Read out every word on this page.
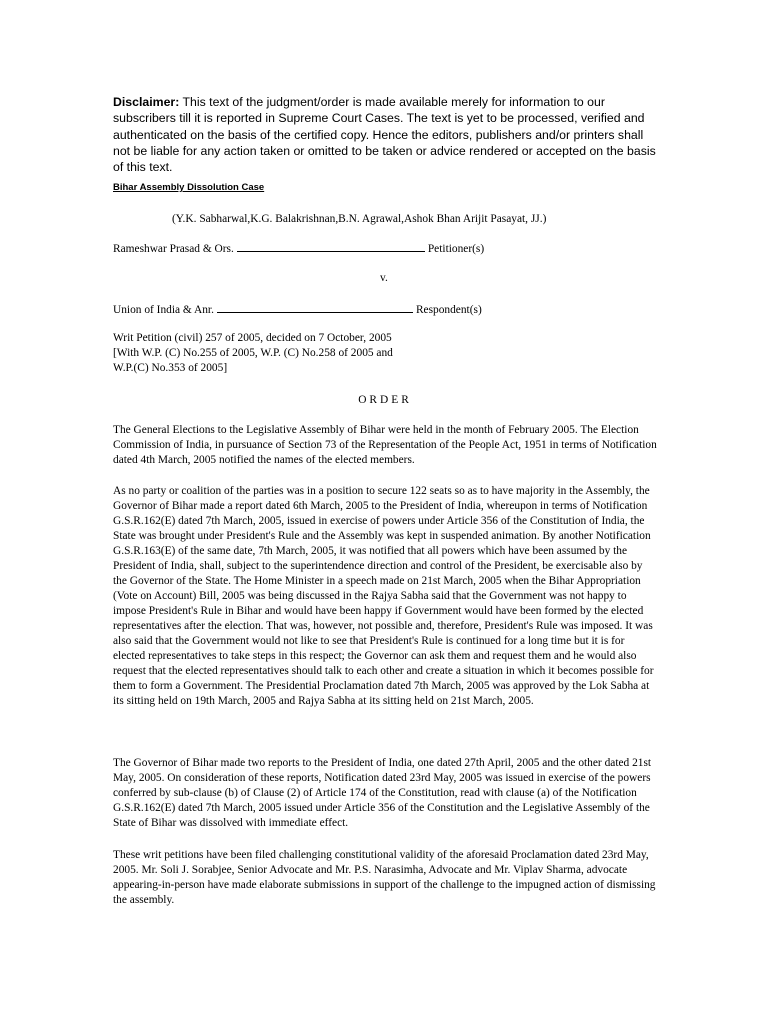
Disclaimer: This text of the judgment/order is made available merely for information to our subscribers till it is reported in Supreme Court Cases. The text is yet to be processed, verified and authenticated on the basis of the certified copy. Hence the editors, publishers and/or printers shall not be liable for any action taken or omitted to be taken or advice rendered or accepted on the basis of this text.

Bihar Assembly Dissolution Case

(Y.K. Sabharwal,K.G. Balakrishnan,B.N. Agrawal,Ashok Bhan Arijit Pasayat, JJ.)

Rameshwar Prasad & Ors.	Petitioner(s)

v.

Union of India & Anr.	Respondent(s)

Writ Petition (civil) 257 of 2005, decided on 7 October, 2005
[With W.P. (C) No.255 of 2005, W.P. (C) No.258 of 2005 and
W.P.(C) No.353 of 2005]

ORDER

The General Elections to the Legislative Assembly of Bihar were held in the month of February 2005. The Election Commission of India, in pursuance of Section 73 of the Representation of the People Act, 1951 in terms of Notification dated 4th March, 2005 notified the names of the elected members.

As no party or coalition of the parties was in a position to secure 122 seats so as to have majority in the Assembly, the Governor of Bihar made a report dated 6th March, 2005 to the President of India, whereupon in terms of Notification G.S.R.162(E) dated 7th March, 2005, issued in exercise of powers under Article 356 of the Constitution of India, the State was brought under President's Rule and the Assembly was kept in suspended animation. By another Notification G.S.R.163(E) of the same date, 7th March, 2005, it was notified that all powers which have been assumed by the President of India, shall, subject to the superintendence direction and control of the President, be exercisable also by the Governor of the State. The Home Minister in a speech made on 21st March, 2005 when the Bihar Appropriation (Vote on Account) Bill, 2005 was being discussed in the Rajya Sabha said that the Government was not happy to impose President's Rule in Bihar and would have been happy if Government would have been formed by the elected representatives after the election. That was, however, not possible and, therefore, President's Rule was imposed. It was also said that the Government would not like to see that President's Rule is continued for a long time but it is for elected representatives to take steps in this respect; the Governor can ask them and request them and he would also request that the elected representatives should talk to each other and create a situation in which it becomes possible for them to form a Government. The Presidential Proclamation dated 7th March, 2005 was approved by the Lok Sabha at its sitting held on 19th March, 2005 and Rajya Sabha at its sitting held on 21st March, 2005.

The Governor of Bihar made two reports to the President of India, one dated 27th April, 2005 and the other dated 21st May, 2005. On consideration of these reports, Notification dated 23rd May, 2005 was issued in exercise of the powers conferred by sub-clause (b) of Clause (2) of Article 174 of the Constitution, read with clause (a) of the Notification G.S.R.162(E) dated 7th March, 2005 issued under Article 356 of the Constitution and the Legislative Assembly of the State of Bihar was dissolved with immediate effect.

These writ petitions have been filed challenging constitutional validity of the aforesaid Proclamation dated 23rd May, 2005. Mr. Soli J. Sorabjee, Senior Advocate and Mr. P.S. Narasimha, Advocate and Mr. Viplav Sharma, advocate appearing-in-person have made elaborate submissions in support of the challenge to the impugned action of dismissing the assembly.
